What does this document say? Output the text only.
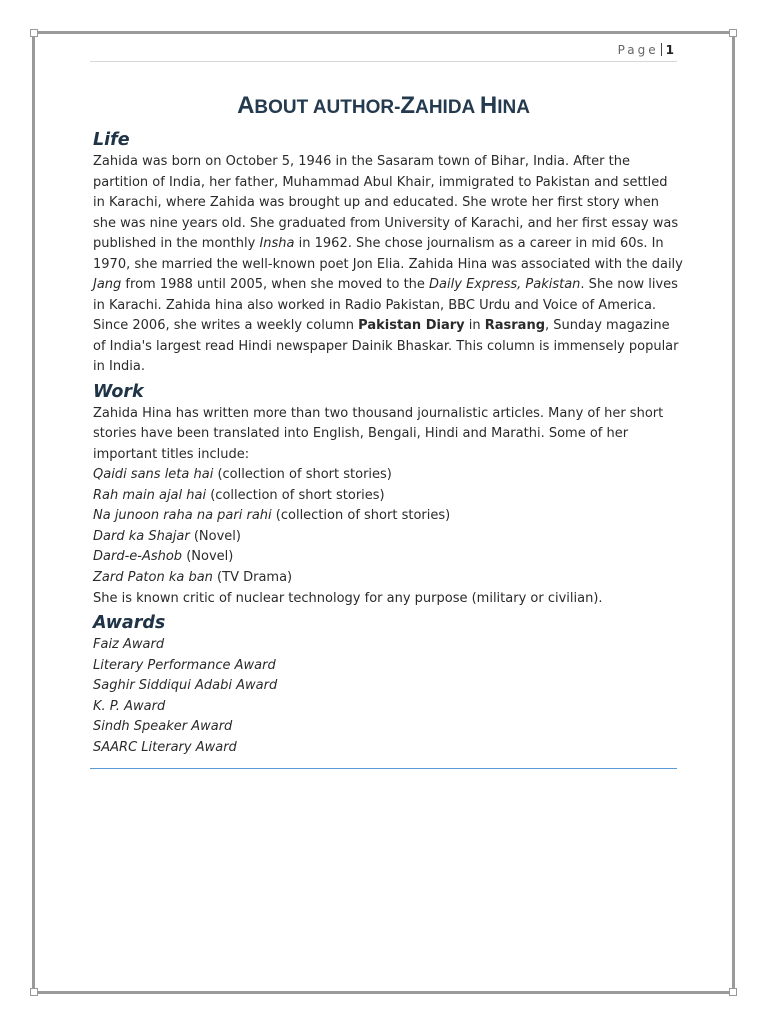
Page 1
ABOUT AUTHOR-ZAHIDA HINA
Life

Zahida was born on October 5, 1946 in the Sasaram town of Bihar, India. After the partition of India, her father, Muhammad Abul Khair, immigrated to Pakistan and settled in Karachi, where Zahida was brought up and educated. She wrote her first story when she was nine years old. She graduated from University of Karachi, and her first essay was published in the monthly Insha in 1962. She chose journalism as a career in mid 60s. In 1970, she married the well-known poet Jon Elia. Zahida Hina was associated with the daily Jang from 1988 until 2005, when she moved to the Daily Express, Pakistan. She now lives in Karachi. Zahida hina also worked in Radio Pakistan, BBC Urdu and Voice of America. Since 2006, she writes a weekly column Pakistan Diary in Rasrang, Sunday magazine of India's largest read Hindi newspaper Dainik Bhaskar. This column is immensely popular in India.

Work

Zahida Hina has written more than two thousand journalistic articles. Many of her short stories have been translated into English, Bengali, Hindi and Marathi. Some of her important titles include:

Qaidi sans leta hai (collection of short stories)
Rah main ajal hai (collection of short stories)
Na junoon raha na pari rahi (collection of short stories)
Dard ka Shajar (Novel)
Dard-e-Ashob (Novel)
Zard Paton ka ban (TV Drama)

She is known critic of nuclear technology for any purpose (military or civilian).

Awards
Faiz Award
Literary Performance Award
Saghir Siddiqui Adabi Award
K. P. Award
Sindh Speaker Award
SAARC Literary Award
